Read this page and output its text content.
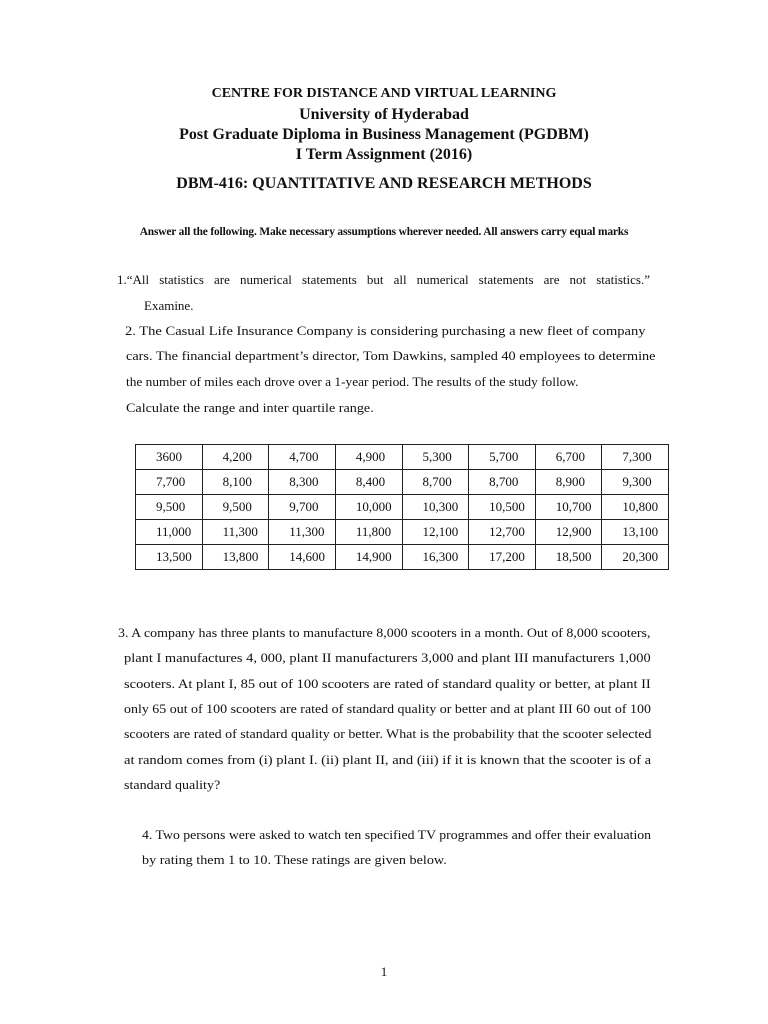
CENTRE FOR DISTANCE AND VIRTUAL LEARNING
University of Hyderabad
Post Graduate Diploma in Business Management (PGDBM)
I Term Assignment (2016)
DBM-416: QUANTITATIVE AND RESEARCH METHODS
Answer all the following. Make necessary assumptions wherever needed. All answers carry equal marks
1.“All statistics are numerical statements but all numerical statements are not statistics.”
Examine.
2. The Casual Life Insurance Company is considering purchasing a new fleet of company
cars. The financial department’s director, Tom Dawkins, sampled 40 employees to determine
the number of miles each drove over a 1-year period. The results of the study follow.
Calculate the range and inter quartile range.
3600	4,200	4,700	4,900	5,300	5,700	6,700	7,300
7,700	8,100	8,300	8,400	8,700	8,700	8,900	9,300
9,500	9,500	9,700	10,000	10,300	10,500	10,700	10,800
11,000	11,300	11,300	11,800	12,100	12,700	12,900	13,100
13,500	13,800	14,600	14,900	16,300	17,200	18,500	20,300
3. A company has three plants to manufacture 8,000 scooters in a month. Out of 8,000 scooters,
plant I manufactures 4, 000, plant II manufacturers 3,000 and plant III manufacturers 1,000
scooters. At plant I, 85 out of 100 scooters are rated of standard quality or better, at plant II
only 65 out of 100 scooters are rated of standard quality or better and at plant III 60 out of 100
scooters are rated of standard quality or better. What is the probability that the scooter selected
at random comes from (i) plant I. (ii) plant II, and (iii) if it is known that the scooter is of a
standard quality?
4. Two persons were asked to watch ten specified TV programmes and offer their evaluation
by rating them 1 to 10. These ratings are given below.
1
